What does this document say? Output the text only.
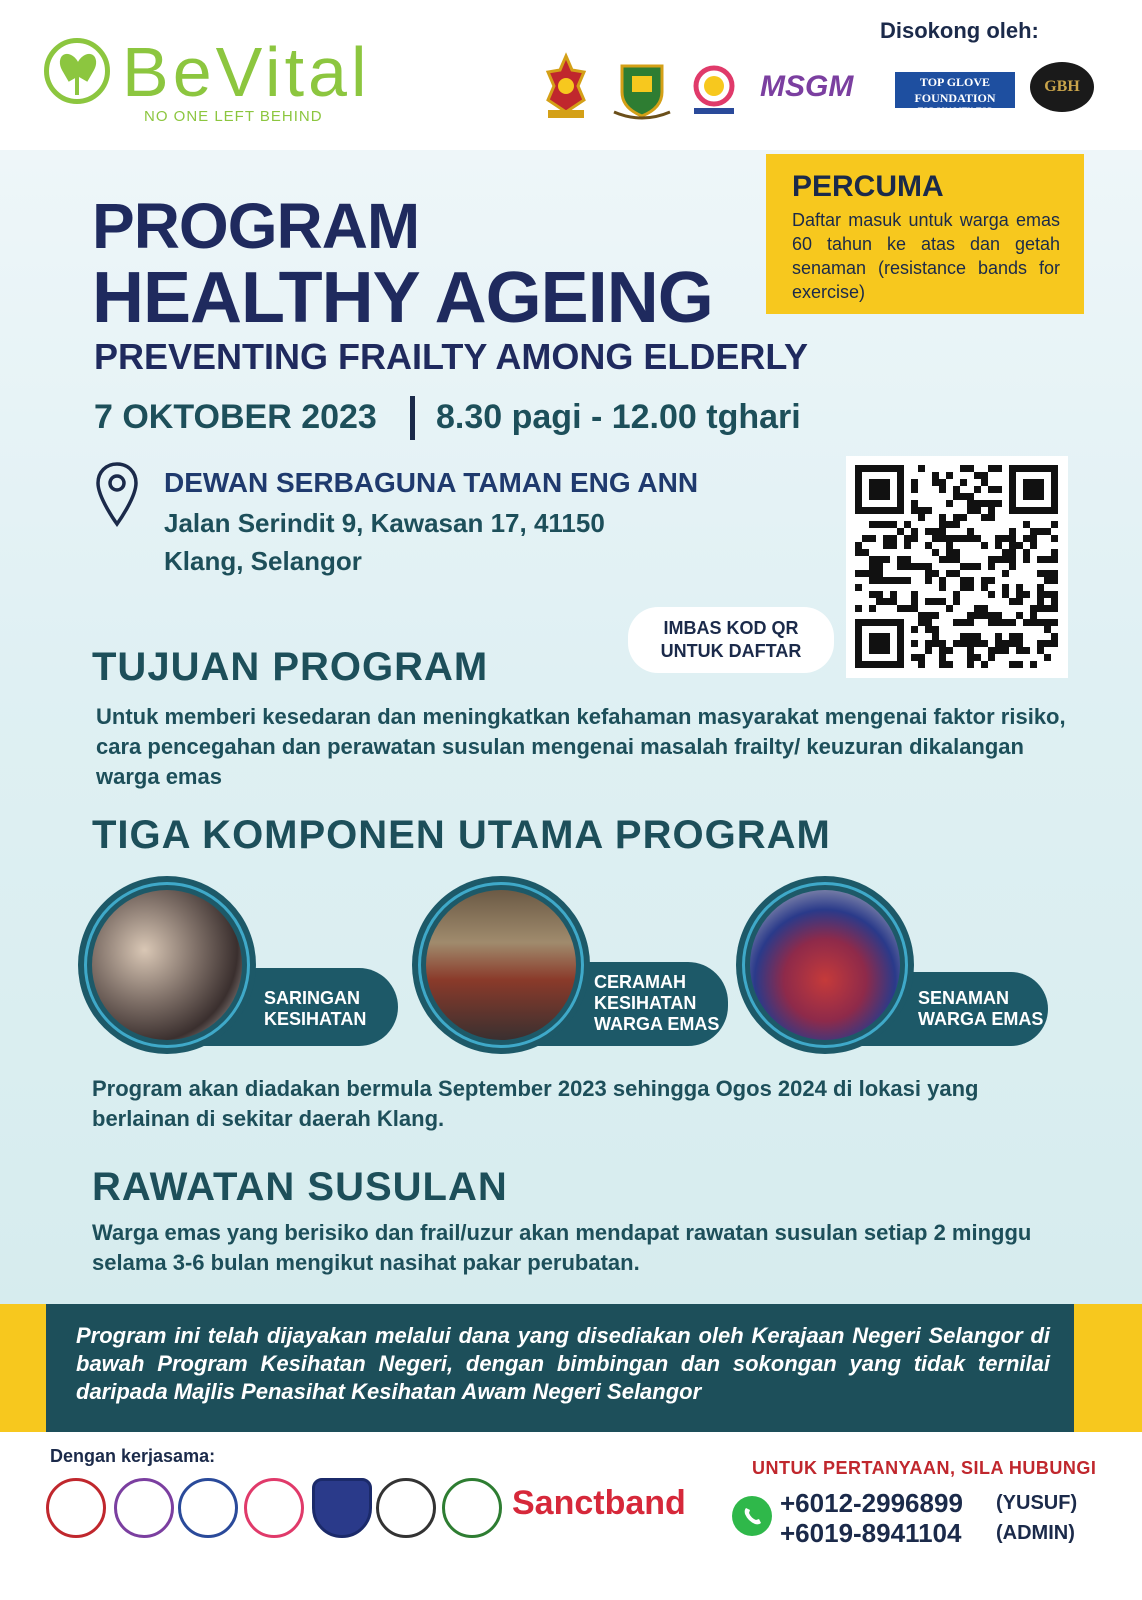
BeVital
NO ONE LEFT BEHIND
Disokong oleh:
MSGM	TOP GLOVE FOUNDATION
TOP QUALITY, TOP EFFICIENCY
GBH
PERCUMA

Daftar masuk untuk warga emas 60 tahun ke atas dan getah senaman (resistance bands for exercise)

PROGRAM
HEALTHY AGEING
PREVENTING FRAILTY AMONG ELDERLY
7 OKTOBER 2023 8.30 pagi - 12.00 tghari
DEWAN SERBAGUNA TAMAN ENG ANN
Jalan Serindit 9, Kawasan 17, 41150
Klang, Selangor
IMBAS KOD QR
UNTUK DAFTAR
TUJUAN PROGRAM
Untuk memberi kesedaran dan meningkatkan kefahaman masyarakat mengenai faktor risiko, cara pencegahan dan perawatan susulan mengenai masalah frailty/ keuzuran dikalangan warga emas
TIGA KOMPONEN UTAMA PROGRAM
SARINGAN
KESIHATAN
CERAMAH
KESIHATAN
WARGA EMAS
SENAMAN
WARGA EMAS
Program akan diadakan bermula September 2023 sehingga Ogos 2024 di lokasi yang berlainan di sekitar daerah Klang.
RAWATAN SUSULAN
Warga emas yang berisiko dan frail/uzur akan mendapat rawatan susulan setiap 2 minggu selama 3-6 bulan mengikut nasihat pakar perubatan.

Program ini telah dijayakan melalui dana yang disediakan oleh Kerajaan Negeri Selangor di bawah Program Kesihatan Negeri, dengan bimbingan dan sokongan yang tidak ternilai daripada Majlis Penasihat Kesihatan Awam Negeri Selangor

Dengan kerjasama:
Sanctband
UNTUK PERTANYAAN, SILA HUBUNGI
+6012-2996899 (YUSUF)
+6019-8941104 (ADMIN)
